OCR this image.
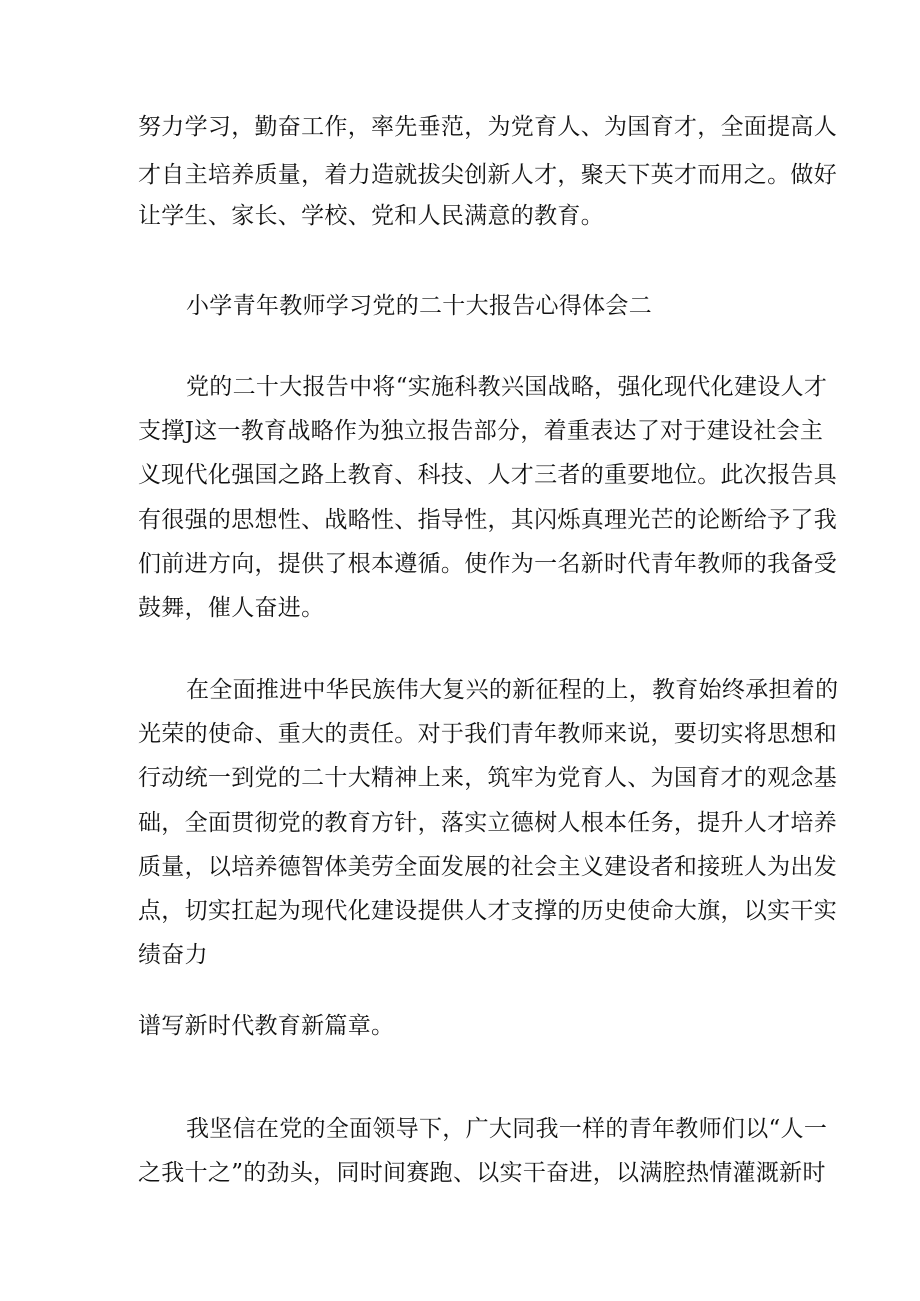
努力学习，勤奋工作，率先垂范，为党育人、为国育才，全面提高人
才自主培养质量，着力造就拔尖创新人才，聚天下英才而用之。做好
让学生、家长、学校、党和人民满意的教育。
小学青年教师学习党的二十大报告心得体会二
党的二十大报告中将“实施科教兴国战略，强化现代化建设人才
支撑J这一教育战略作为独立报告部分，着重表达了对于建设社会主
义现代化强国之路上教育、科技、人才三者的重要地位。此次报告具
有很强的思想性、战略性、指导性，其闪烁真理光芒的论断给予了我
们前进方向，提供了根本遵循。使作为一名新时代青年教师的我备受
鼓舞，催人奋进。
在全面推进中华民族伟大复兴的新征程的上，教育始终承担着的
光荣的使命、重大的责任。对于我们青年教师来说，要切实将思想和
行动统一到党的二十大精神上来，筑牢为党育人、为国育才的观念基
础，全面贯彻党的教育方针，落实立德树人根本任务，提升人才培养
质量，以培养德智体美劳全面发展的社会主义建设者和接班人为出发
点，切实扛起为现代化建设提供人才支撑的历史使命大旗，以实干实
绩奋力
谱写新时代教育新篇章。
我坚信在党的全面领导下，广大同我一样的青年教师们以“人一
之我十之”的劲头，同时间赛跑、以实干奋进，以满腔热情灌溉新时
